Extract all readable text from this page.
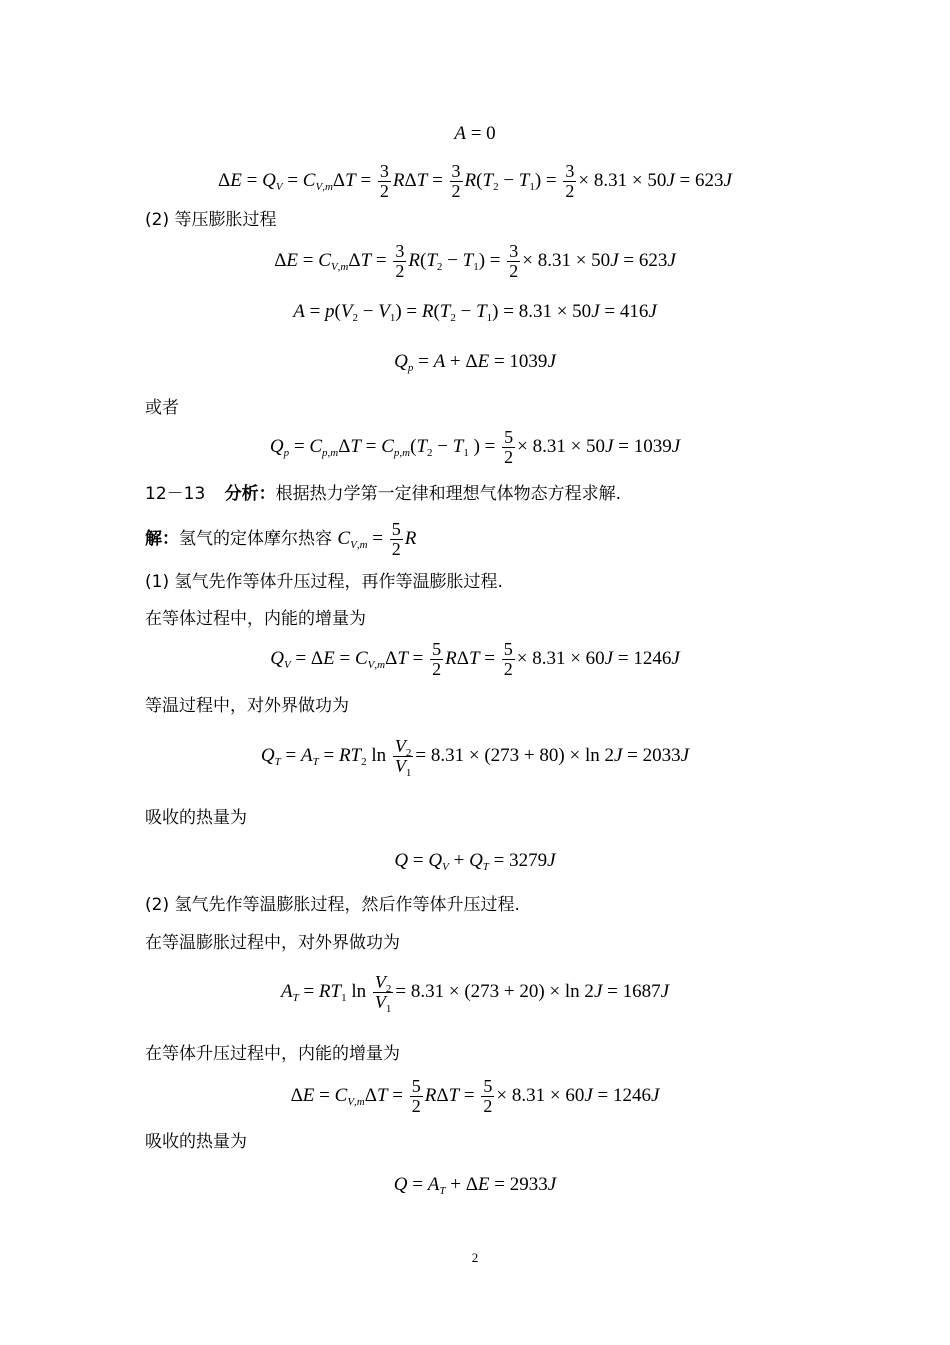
A = 0
$\Delta E = Q_V = C_{V,m}\Delta T = \frac{3}{2}$ $R\Delta T = \frac{3}{2} R(T_2 - T_1) = \frac{3}{2} \times 8.31 \times 50J = 623J$
(2) 等压膨胀过程
$\Delta E = C_{V,m}\Delta T = \frac{3}{2} R(T_2 - T_1) = \frac{3}{2} \times 8.31 \times 50J = 623J$
$A = p(V_2 - V_1) = R(T_2 - T_1) = 8.31 \times 50J = 416J$
$Q_p = A + \Delta E = 1039J$
或者
$Q_p = C_{p,m}\Delta T = C_{p,m}(T_2 - T_1$ ) = $\frac{5}{2} \times 8.31 \times 50J = 1039J$
12－13 分析：根据热力学第一定律和理想气体物态方程求解.
解：氢气的定体摩尔热容 $C_{V,m} = \frac{5}{2}$ R
(1) 氢气先作等体升压过程，再作等温膨胀过程.
在等体过程中，内能的增量为
$Q_V = \Delta E = C_{V,m}\Delta T = \frac{5}{2}$ $R\Delta T = \frac{5}{2} \times 8.31 \times 60J = 1246J$
等温过程中，对外界做功为
$Q_T = A_T = RT_2$ $\ln \frac{V_2}{V_1} = 8.31 \times (273 + 80) \times \ln 2J = 2033J$
吸收的热量为
$Q = Q_V + Q_T = 3279J$
(2) 氢气先作等温膨胀过程，然后作等体升压过程.
在等温膨胀过程中，对外界做功为
$A_T = RT_1$ $\ln \frac{V_2}{V_1} = 8.31 \times (273 + 20) \times \ln 2J = 1687J$
在等体升压过程中，内能的增量为
$\Delta E = C_{V,m}\Delta T = \frac{5}{2}$ $R\Delta T = \frac{5}{2} \times 8.31 \times 60J = 1246J$
吸收的热量为
$Q = A_T + \Delta E = 2933J$
2
